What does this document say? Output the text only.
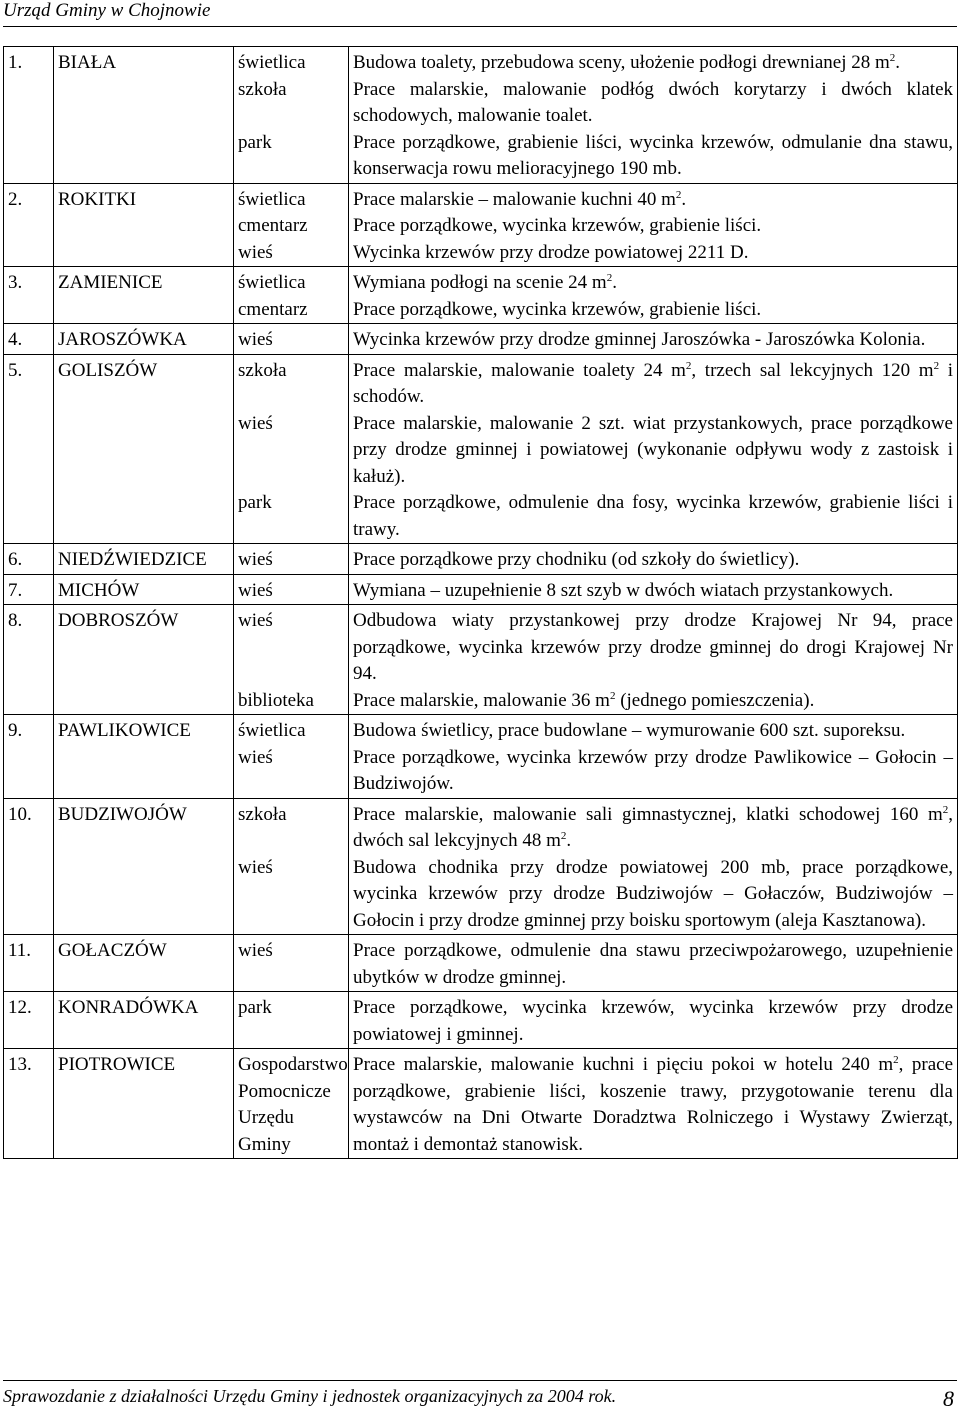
Urząd Gminy w Chojnowie
1.	BIAŁA	świetlica	Budowa toalety, przebudowa sceny, ułożenie podłogi drewnianej 28 $m^2$.
		szkoła	Prace malarskie, malowanie podłóg dwóch korytarzy i dwóch klatek schodowych, malowanie toalet.
		park	Prace porządkowe, grabienie liści, wycinka krzewów, odmulanie dna stawu, konserwacja rowu melioracyjnego 190 mb.
2.	ROKITKI	świetlica	Prace malarskie – malowanie kuchni 40 $m^2$.
		cmentarz	Prace porządkowe, wycinka krzewów, grabienie liści.
		wieś	Wycinka krzewów przy drodze powiatowej 2211 D.
3.	ZAMIENICE	świetlica	Wymiana podłogi na scenie 24 $m^2$.
		cmentarz	Prace porządkowe, wycinka krzewów, grabienie liści.
4.	JAROSZÓWKA	wieś	Wycinka krzewów przy drodze gminnej Jaroszówka - Jaroszówka Kolonia.
5.	GOLISZÓW	szkoła	Prace malarskie, malowanie toalety 24 $m^2$, trzech sal lekcyjnych 120 $m^2$ i schodów.
		wieś	Prace malarskie, malowanie 2 szt. wiat przystankowych, prace porządkowe przy drodze gminnej i powiatowej (wykonanie odpływu wody z zastoisk i kałuż).
		park	Prace porządkowe, odmulenie dna fosy, wycinka krzewów, grabienie liści i trawy.
6.	NIEDŹWIEDZICE	wieś	Prace porządkowe przy chodniku (od szkoły do świetlicy).
7.	MICHÓW	wieś	Wymiana – uzupełnienie 8 szt szyb w dwóch wiatach przystankowych.
8.	DOBROSZÓW	wieś	Odbudowa wiaty przystankowej przy drodze Krajowej Nr 94, prace porządkowe, wycinka krzewów przy drodze gminnej do drogi Krajowej Nr 94.
		biblioteka	Prace malarskie, malowanie 36 $m^2$ (jednego pomieszczenia).
9.	PAWLIKOWICE	świetlica	Budowa świetlicy, prace budowlane – wymurowanie 600 szt. suporeksu.
		wieś	Prace porządkowe, wycinka krzewów przy drodze Pawlikowice – Gołocin – Budziwojów.
10.	BUDZIWOJÓW	szkoła	Prace malarskie, malowanie sali gimnastycznej, klatki schodowej 160 $m^2$, dwóch sal lekcyjnych 48 $m^2$.
		wieś	Budowa chodnika przy drodze powiatowej 200 mb, prace porządkowe, wycinka krzewów przy drodze Budziwojów – Gołaczów, Budziwojów – Gołocin i przy drodze gminnej przy boisku sportowym (aleja Kasztanowa).
11.	GOŁACZÓW	wieś	Prace porządkowe, odmulenie dna stawu przeciwpożarowego, uzupełnienie ubytków w drodze gminnej.
12.	KONRADÓWKA	park	Prace porządkowe, wycinka krzewów, wycinka krzewów przy drodze powiatowej i gminnej.
13.	PIOTROWICE	Gospodarstwo Pomocnicze Urzędu Gminy	Prace malarskie, malowanie kuchni i pięciu pokoi w hotelu 240 $m^2$, prace porządkowe, grabienie liści, koszenie trawy, przygotowanie terenu dla wystawców na Dni Otwarte Doradztwa Rolniczego i Wystawy Zwierząt, montaż i demontaż stanowisk.
Sprawozdanie z działalności Urzędu Gminy i jednostek organizacyjnych za 2004 rok.	8
